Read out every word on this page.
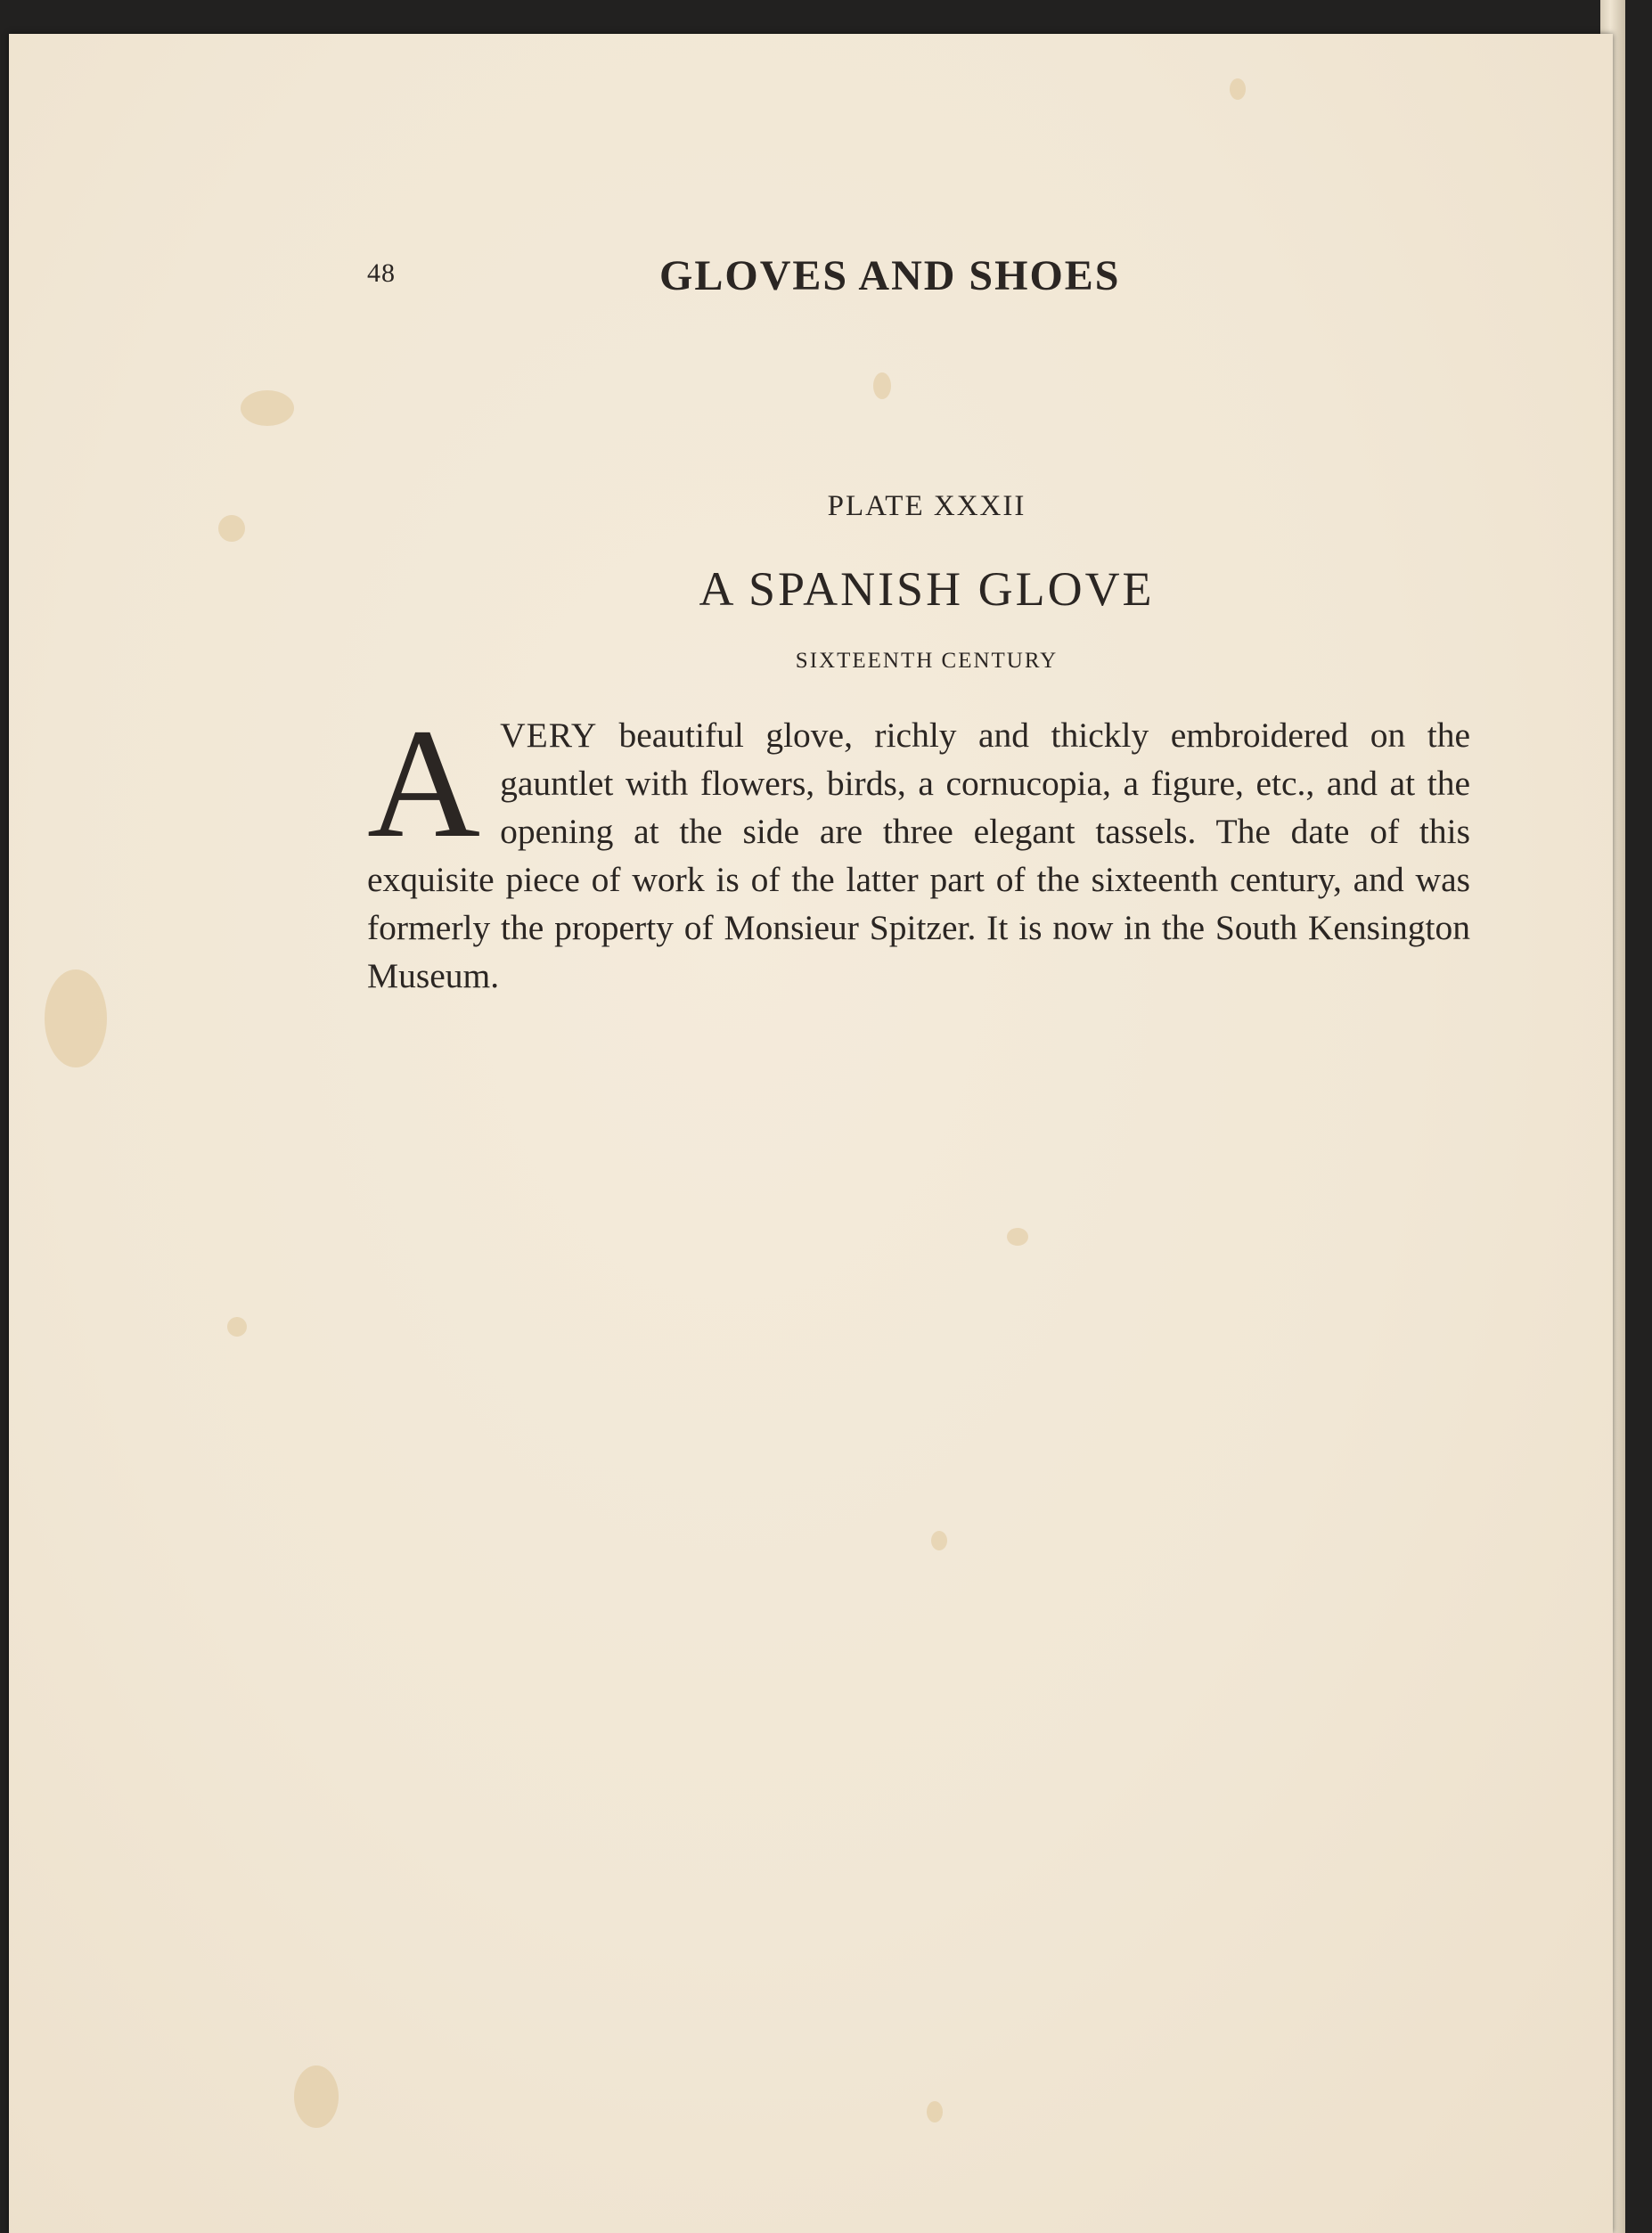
48	GLOVES AND SHOES
PLATE XXXII
A SPANISH GLOVE
SIXTEENTH CENTURY
A VERY beautiful glove, richly and thickly embroidered on the gauntlet with flowers, birds, a cornucopia, a figure, etc., and at the opening at the side are three elegant tassels. The date of this exquisite piece of work is of the latter part of the sixteenth century, and was formerly the property of Monsieur Spitzer. It is now in the South Kensington Museum.
